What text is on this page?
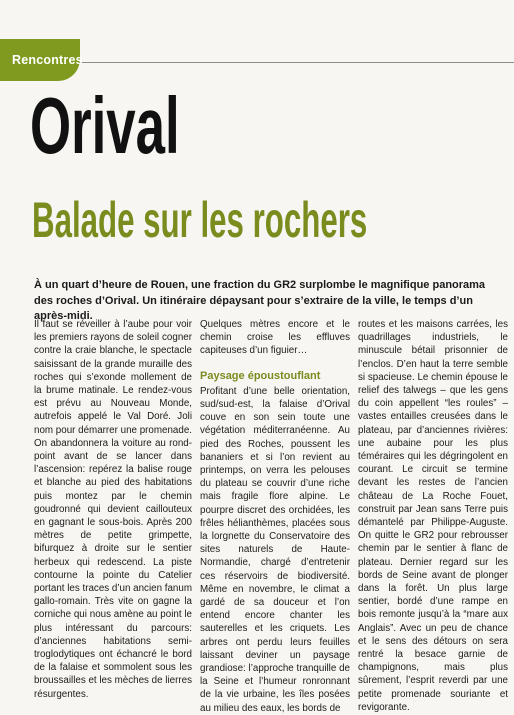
Rencontres
Orival
Balade sur les rochers
À un quart d’heure de Rouen, une fraction du GR2 surplombe le magnifique panorama des roches d’Orival. Un itinéraire dépaysant pour s’extraire de la ville, le temps d’un après-midi.

Il faut se réveiller à l’aube pour voir les premiers rayons de soleil cogner contre la craie blanche, le spectacle saisissant de la grande muraille des roches qui s’exonde mollement de la brume matinale. Le rendez-vous est prévu au Nouveau Monde, autrefois appelé le Val Doré. Joli nom pour démarrer une promenade. On abandonnera la voiture au rond-point avant de se lancer dans l’ascension: repérez la balise rouge et blanche au pied des habitations puis montez par le chemin goudronné qui devient caillouteux en gagnant le sous-bois. Après 200 mètres de petite grimpette, bifurquez à droite sur le sentier herbeux qui redescend. La piste contourne la pointe du Catelier portant les traces d’un ancien fanum gallo-romain. Très vite on gagne la corniche qui nous amène au point le plus intéressant du parcours: d’anciennes habitations semi-troglodytiques ont échancré le bord de la falaise et sommolent sous les broussailles et les mèches de lierres résurgentes.

Quelques mètres encore et le chemin croise les effluves capiteuses d’un figuier…

Paysage époustouflant

Profitant d’une belle orientation, sud/sud-est, la falaise d’Orival couve en son sein toute une végétation méditerranéenne. Au pied des Roches, poussent les bananiers et si l’on revient au printemps, on verra les pelouses du plateau se couvrir d’une riche mais fragile flore alpine. Le pourpre discret des orchidées, les frêles hélianthèmes, placées sous la lorgnette du Conservatoire des sites naturels de Haute-Normandie, chargé d’entretenir ces réservoirs de biodiversité. Même en novembre, le climat a gardé de sa douceur et l’on entend encore chanter les sauterelles et les criquets. Les arbres ont perdu leurs feuilles laissant deviner un paysage grandiose: l’approche tranquille de la Seine et l’humeur ronronnant de la vie urbaine, les îles posées au milieu des eaux, les bords de

routes et les maisons carrées, les quadrillages industriels, le minuscule bétail prisonnier de l’enclos. D’en haut la terre semble si spacieuse. Le chemin épouse le relief des talwegs – que les gens du coin appellent “les roules” – vastes entailles creusées dans le plateau, par d’anciennes rivières: une aubaine pour les plus téméraires qui les dégringolent en courant. Le circuit se termine devant les restes de l’ancien château de La Roche Fouet, construit par Jean sans Terre puis démantelé par Philippe-Auguste. On quitte le GR2 pour rebrousser chemin par le sentier à flanc de plateau. Dernier regard sur les bords de Seine avant de plonger dans la forêt. Un plus large sentier, bordé d’une rampe en bois remonte jusqu’à la “mare aux Anglais”. Avec un peu de chance et le sens des détours on sera rentré la besace garnie de champignons, mais plus sûrement, l’esprit reverdi par une petite promenade souriante et revigorante.
